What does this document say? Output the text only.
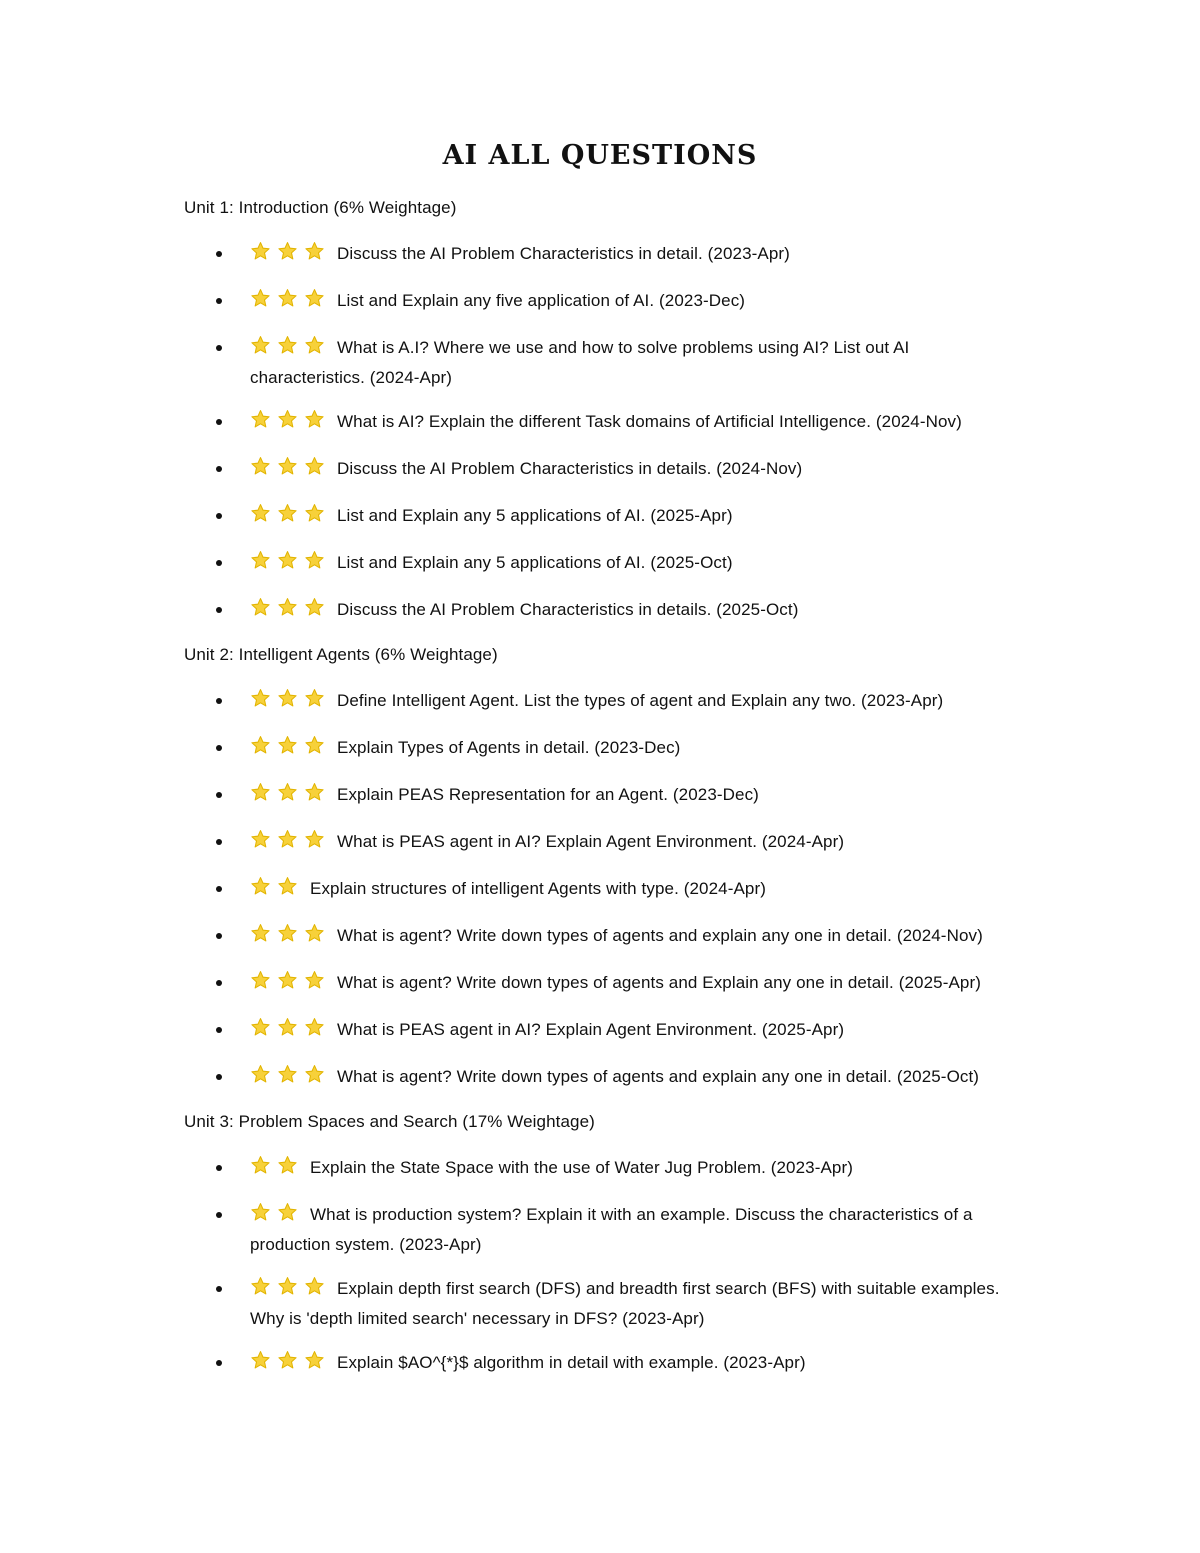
AI ALL QUESTIONS
Unit 1: Introduction (6% Weightage)
Discuss the AI Problem Characteristics in detail. (2023-Apr)
List and Explain any five application of AI. (2023-Dec)
What is A.I? Where we use and how to solve problems using AI? List out AI characteristics. (2024-Apr)
What is AI? Explain the different Task domains of Artificial Intelligence. (2024-Nov)
Discuss the AI Problem Characteristics in details. (2024-Nov)
List and Explain any 5 applications of AI. (2025-Apr)
List and Explain any 5 applications of AI. (2025-Oct)
Discuss the AI Problem Characteristics in details. (2025-Oct)
Unit 2: Intelligent Agents (6% Weightage)
Define Intelligent Agent. List the types of agent and Explain any two. (2023-Apr)
Explain Types of Agents in detail. (2023-Dec)
Explain PEAS Representation for an Agent. (2023-Dec)
What is PEAS agent in AI? Explain Agent Environment. (2024-Apr)
Explain structures of intelligent Agents with type. (2024-Apr)
What is agent? Write down types of agents and explain any one in detail. (2024-Nov)
What is agent? Write down types of agents and Explain any one in detail. (2025-Apr)
What is PEAS agent in AI? Explain Agent Environment. (2025-Apr)
What is agent? Write down types of agents and explain any one in detail. (2025-Oct)
Unit 3: Problem Spaces and Search (17% Weightage)
Explain the State Space with the use of Water Jug Problem. (2023-Apr)
What is production system? Explain it with an example. Discuss the characteristics of a production system. (2023-Apr)
Explain depth first search (DFS) and breadth first search (BFS) with suitable examples. Why is 'depth limited search' necessary in DFS? (2023-Apr)
Explain $AO^{*}$ algorithm in detail with example. (2023-Apr)
